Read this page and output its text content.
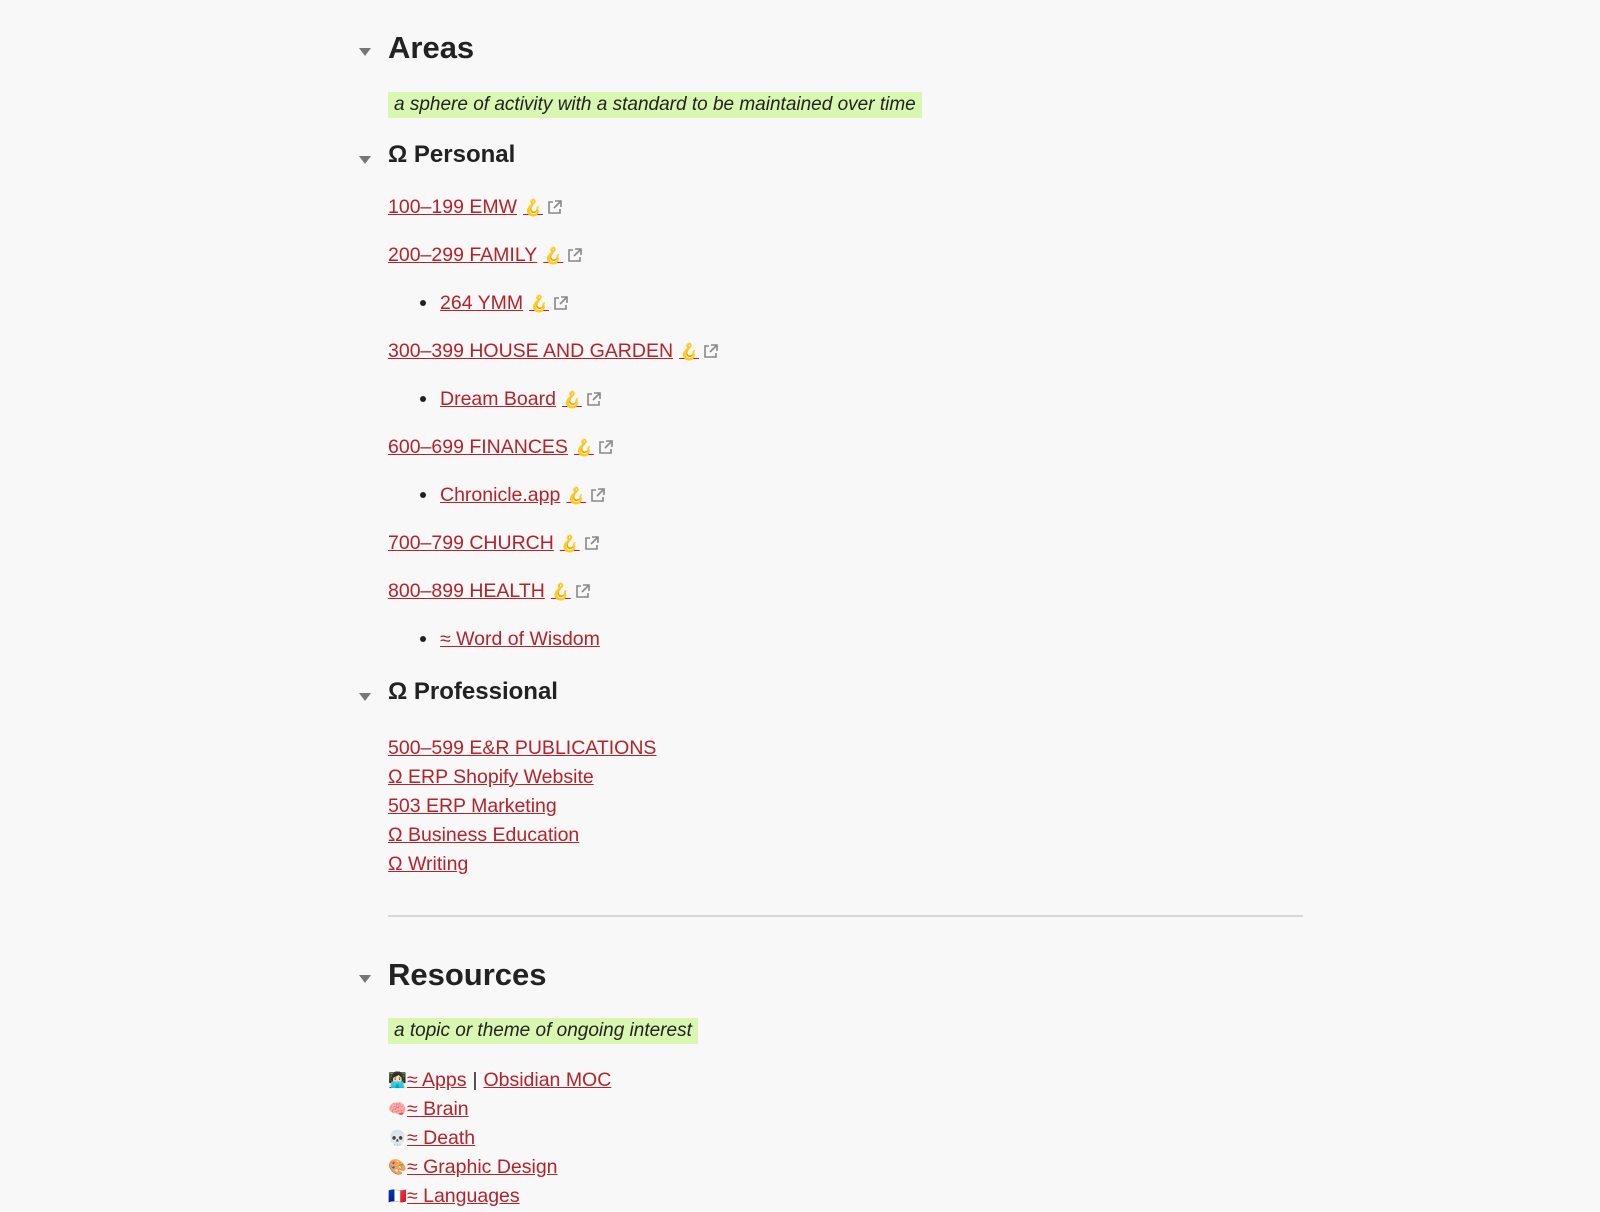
Areas
a sphere of activity with a standard to be maintained over time
Ω Personal
100–199 EMW 🪝
200–299 FAMILY 🪝
264 YMM 🪝
300–399 HOUSE AND GARDEN 🪝
Dream Board 🪝
600–699 FINANCES 🪝
Chronicle.app 🪝
700–799 CHURCH 🪝
800–899 HEALTH 🪝
≈ Word of Wisdom
Ω Professional
500–599 E&R PUBLICATIONS
Ω ERP Shopify Website
503 ERP Marketing
Ω Business Education
Ω Writing
Resources
a topic or theme of ongoing interest
👩🏻‍💻≈ Apps | Obsidian MOC
🧠≈ Brain
💀≈ Death
🎨≈ Graphic Design
🇫🇷≈ Languages
